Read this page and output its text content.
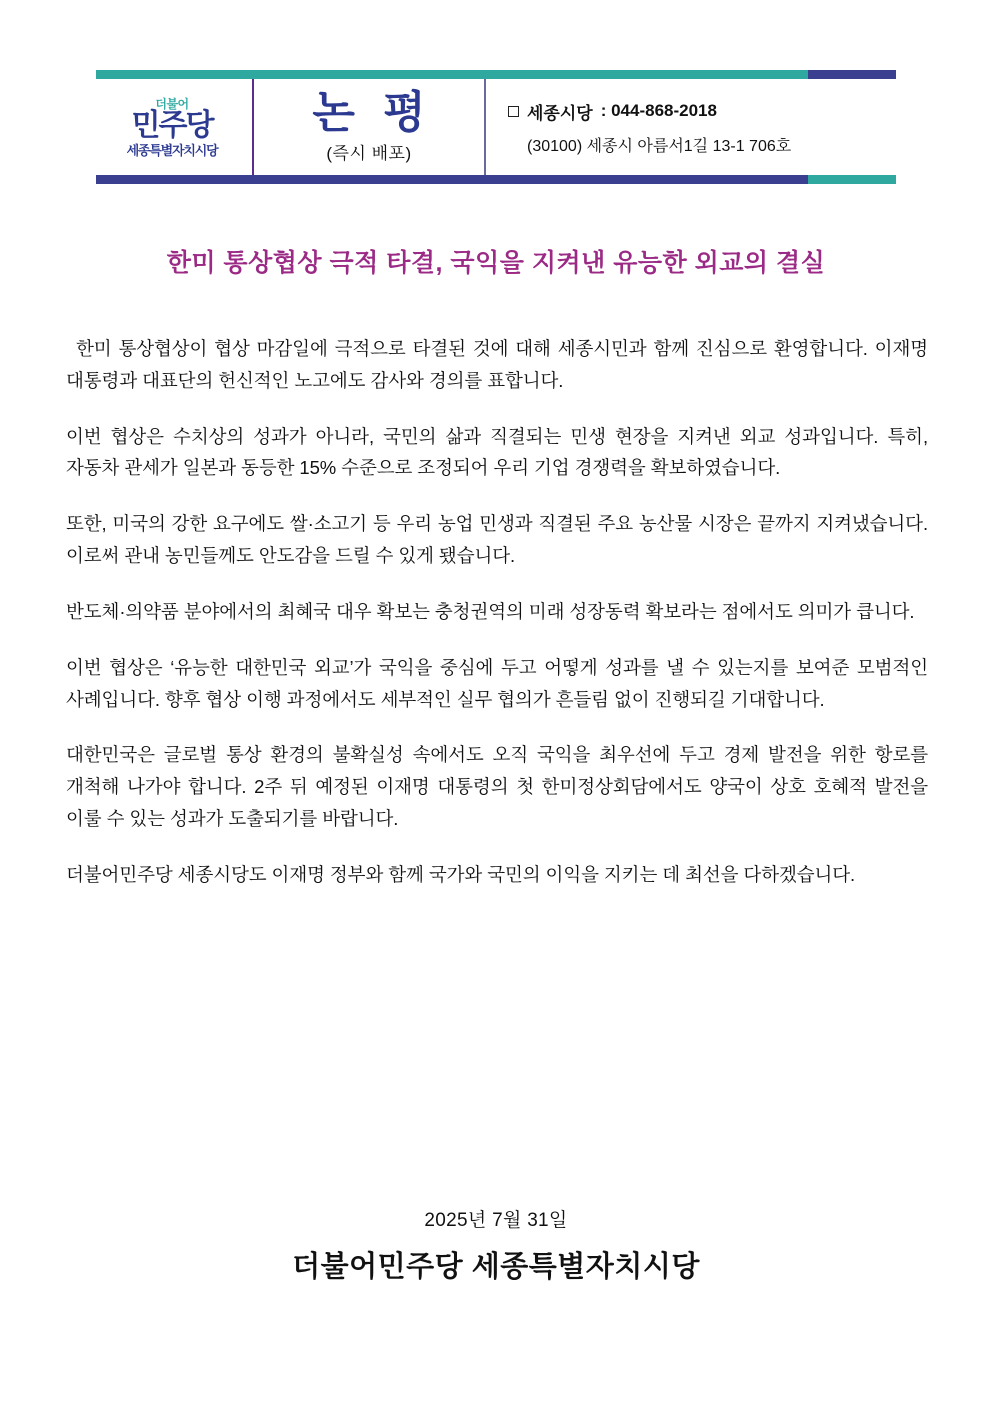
더불어
민주당
세종특별자치시당
논 평
(즉시 배포)
세종시당 : 044-868-2018
(30100) 세종시 아름서1길 13-1 706호
한미 통상협상 극적 타결, 국익을 지켜낸 유능한 외교의 결실

한미 통상협상이 협상 마감일에 극적으로 타결된 것에 대해 세종시민과 함께 진심으로 환영합니다. 이재명 대통령과 대표단의 헌신적인 노고에도 감사와 경의를 표합니다.

이번 협상은 수치상의 성과가 아니라, 국민의 삶과 직결되는 민생 현장을 지켜낸 외교 성과입니다. 특히, 자동차 관세가 일본과 동등한 15% 수준으로 조정되어 우리 기업 경쟁력을 확보하였습니다.

또한, 미국의 강한 요구에도 쌀·소고기 등 우리 농업 민생과 직결된 주요 농산물 시장은 끝까지 지켜냈습니다. 이로써 관내 농민들께도 안도감을 드릴 수 있게 됐습니다.

반도체·의약품 분야에서의 최혜국 대우 확보는 충청권역의 미래 성장동력 확보라는 점에서도 의미가 큽니다.

이번 협상은 ‘유능한 대한민국 외교’가 국익을 중심에 두고 어떻게 성과를 낼 수 있는지를 보여준 모범적인 사례입니다. 향후 협상 이행 과정에서도 세부적인 실무 협의가 흔들림 없이 진행되길 기대합니다.

대한민국은 글로벌 통상 환경의 불확실성 속에서도 오직 국익을 최우선에 두고 경제 발전을 위한 항로를 개척해 나가야 합니다. 2주 뒤 예정된 이재명 대통령의 첫 한미정상회담에서도 양국이 상호 호혜적 발전을 이룰 수 있는 성과가 도출되기를 바랍니다.

더불어민주당 세종시당도 이재명 정부와 함께 국가와 국민의 이익을 지키는 데 최선을 다하겠습니다.

2025년 7월 31일
더불어민주당 세종특별자치시당
